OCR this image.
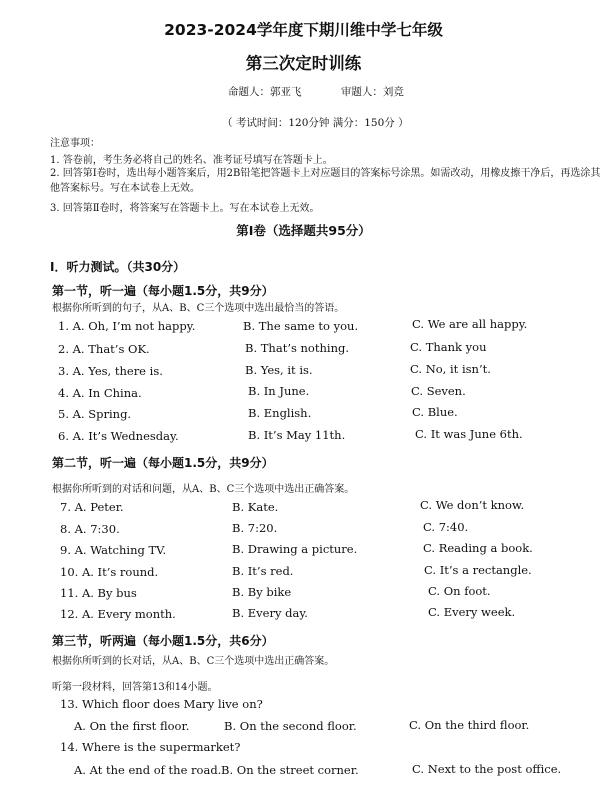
2023-2024学年度下期川维中学七年级
第三次定时训练
命题人：郭亚飞	审题人：刘竞
（ 考试时间：120分钟 满分：150分 ）
注意事项：
1. 答卷前，考生务必将自己的姓名、准考证号填写在答题卡上。
2. 回答第Ⅰ卷时，选出每小题答案后，用2B铅笔把答题卡上对应题目的答案标号涂黑。如需改动，用橡皮擦干净后，再选涂其他答案标号。写在本试卷上无效。
3. 回答第Ⅱ卷时，将答案写在答题卡上。写在本试卷上无效。
第Ⅰ卷（选择题共95分）
Ⅰ．听力测试。（共30分）
第一节，听一遍（每小题1.5分，共9分）
根据你所听到的句子，从A、B、C三个选项中选出最恰当的答语。
1. A. Oh, I’m not happy.	B. The same to you.	C. We are all happy.
2. A. That’s OK.	B. That’s nothing.	C. Thank you
3. A. Yes, there is.	B. Yes, it is.	C. No, it isn’t.
4. A. In China.	B. In June.	C. Seven.
5. A. Spring.	B. English.	C. Blue.
6. A. It’s Wednesday.	B. It’s May 11th.	C. It was June 6th.
第二节，听一遍（每小题1.5分，共9分）
根据你所听到的对话和问题，从A、B、C三个选项中选出正确答案。
7. A. Peter.	B. Kate.	C. We don’t know.
8. A. 7:30.	B. 7:20.	C. 7:40.
9. A. Watching TV.	B. Drawing a picture.	C. Reading a book.
10. A. It’s round.	B. It’s red.	C. It’s a rectangle.
11. A. By bus	B. By bike	C. On foot.
12. A. Every month.	B. Every day.	C. Every week.
第三节，听两遍（每小题1.5分，共6分）
根据你所听到的长对话，从A、B、C三个选项中选出正确答案。
听第一段材料，回答第13和14小题。
13. Which floor does Mary live on?
A. On the first floor.	B. On the second floor.	C. On the third floor.
14. Where is the supermarket?
A. At the end of the road. B. On the street corner.	C. Next to the post office.
